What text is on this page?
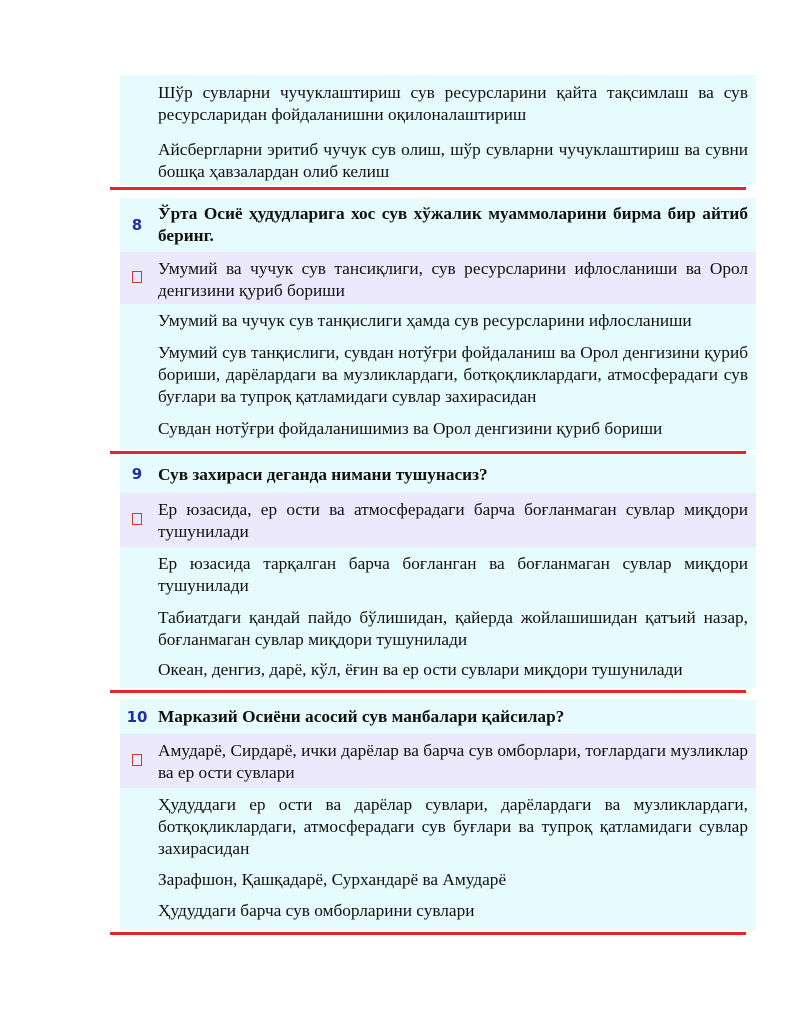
Шўр сувларни чучуклаштириш сув ресурсларини қайта тақсимлаш ва сув ресурсларидан фойдаланишни оқилоналаштириш
Айсбергларни эритиб чучук сув олиш, шўр сувларни чучуклаштириш ва сувни бошқа ҳавзалардан олиб келиш
8
Ўрта Осиё ҳудудларига хос сув хўжалик муаммоларини бирма бир айтиб беринг.
Умумий ва чучук сув тансиқлиги, сув ресурсларини ифлосланиши ва Орол денгизини қуриб бориши
Умумий ва чучук сув танқислиги ҳамда сув ресурсларини ифлосланиши
Умумий сув танқислиги, сувдан нотўғри фойдаланиш ва Орол денгизини қуриб бориши, дарёлардаги ва музликлардаги, ботқоқликлардаги, атмосферадаги сув буғлари ва тупроқ қатламидаги сувлар захирасидан
Сувдан нотўғри фойдаланишимиз ва Орол денгизини қуриб бориши
9 Сув захираси деганда нимани тушунасиз?
Ер юзасида, ер ости ва атмосферадаги барча боғланмаган сувлар миқдори тушунилади
Ер юзасида тарқалган барча боғланган ва боғланмаган сувлар миқдори тушунилади
Табиатдаги қандай пайдо бўлишидан, қайерда жойлашишидан қатъий назар, боғланмаган сувлар миқдори тушунилади
Океан, денгиз, дарё, кўл, ёғин ва ер ости сувлари миқдори тушунилади
10 Марказий Осиёни асосий сув манбалари қайсилар?
Амударё, Сирдарё, ички дарёлар ва барча сув омборлари, тоғлардаги музликлар ва ер ости сувлари
Ҳудуддаги ер ости ва дарёлар сувлари, дарёлардаги ва музликлардаги, ботқоқликлардаги, атмосферадаги сув буғлари ва тупроқ қатламидаги сувлар захирасидан
Зарафшон, Қашқадарё, Сурхандарё ва Амударё
Ҳудуддаги барча сув омборларини сувлари
